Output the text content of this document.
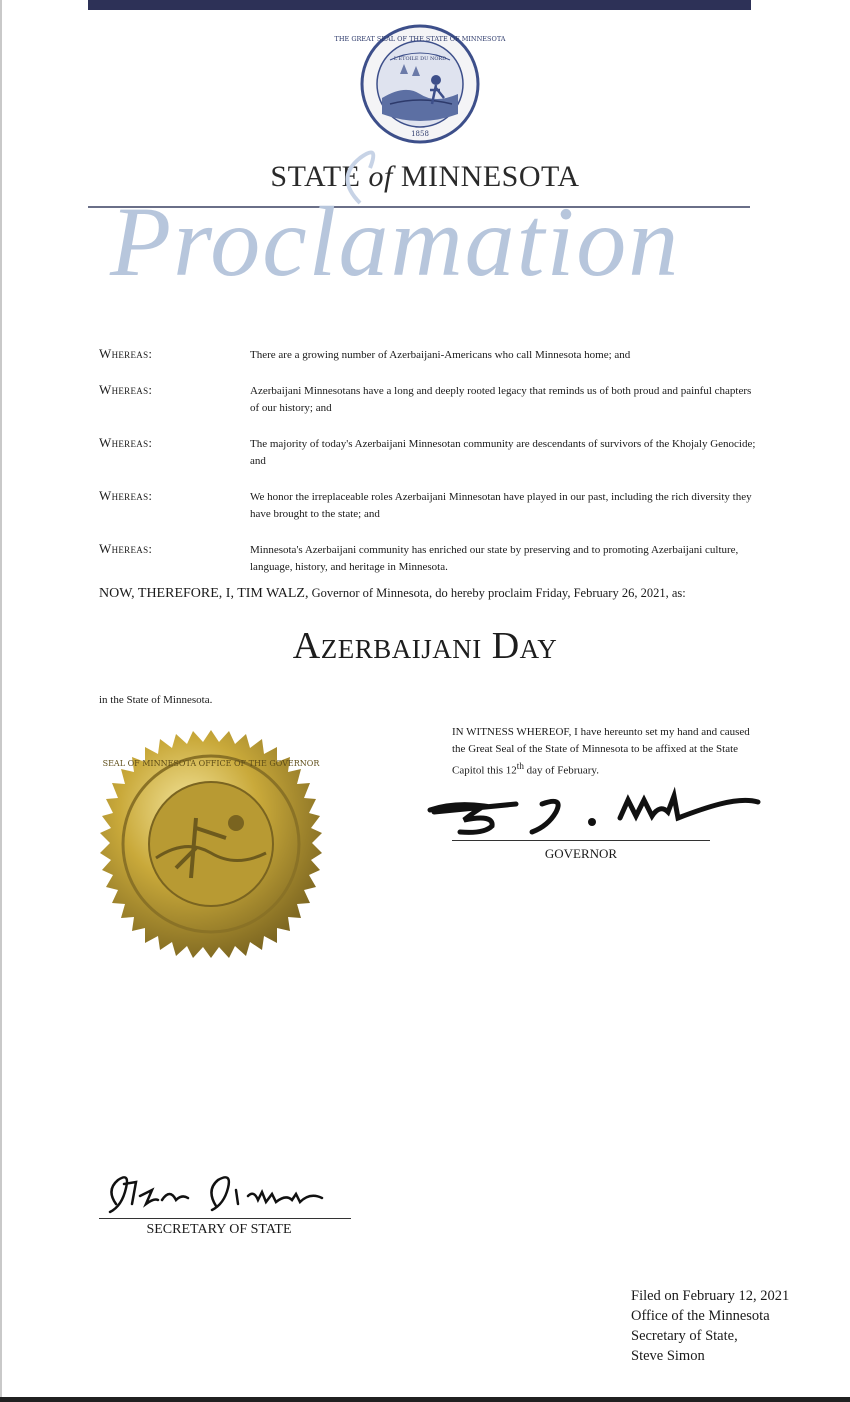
THE GREAT SEAL OF THE STATE OF MINNESOTA
L'ETOILE DU NORD
1858
STATE of MINNESOTA
Proclamation
Whereas:	There are a growing number of Azerbaijani-Americans who call Minnesota home; and
Whereas:	Azerbaijani Minnesotans have a long and deeply rooted legacy that reminds us of both proud and painful chapters of our history; and
Whereas:	The majority of today's Azerbaijani Minnesotan community are descendants of survivors of the Khojaly Genocide; and
Whereas:	We honor the irreplaceable roles Azerbaijani Minnesotan have played in our past, including the rich diversity they have brought to the state; and
Whereas:	Minnesota's Azerbaijani community has enriched our state by preserving and to promoting Azerbaijani culture, language, history, and heritage in Minnesota.
NOW, THEREFORE, I, TIM WALZ, Governor of Minnesota, do hereby proclaim Friday, February 26, 2021, as:
Azerbaijani Day
in the State of Minnesota.
SEAL OF MINNESOTA OFFICE OF THE GOVERNOR
IN WITNESS WHEREOF, I have hereunto set my hand and caused the Great Seal of the State of Minnesota to be affixed at the State Capitol this 12th day of February.
GOVERNOR
SECRETARY OF STATE
Filed on February 12, 2021
Office of the Minnesota
Secretary of State,
Steve Simon
